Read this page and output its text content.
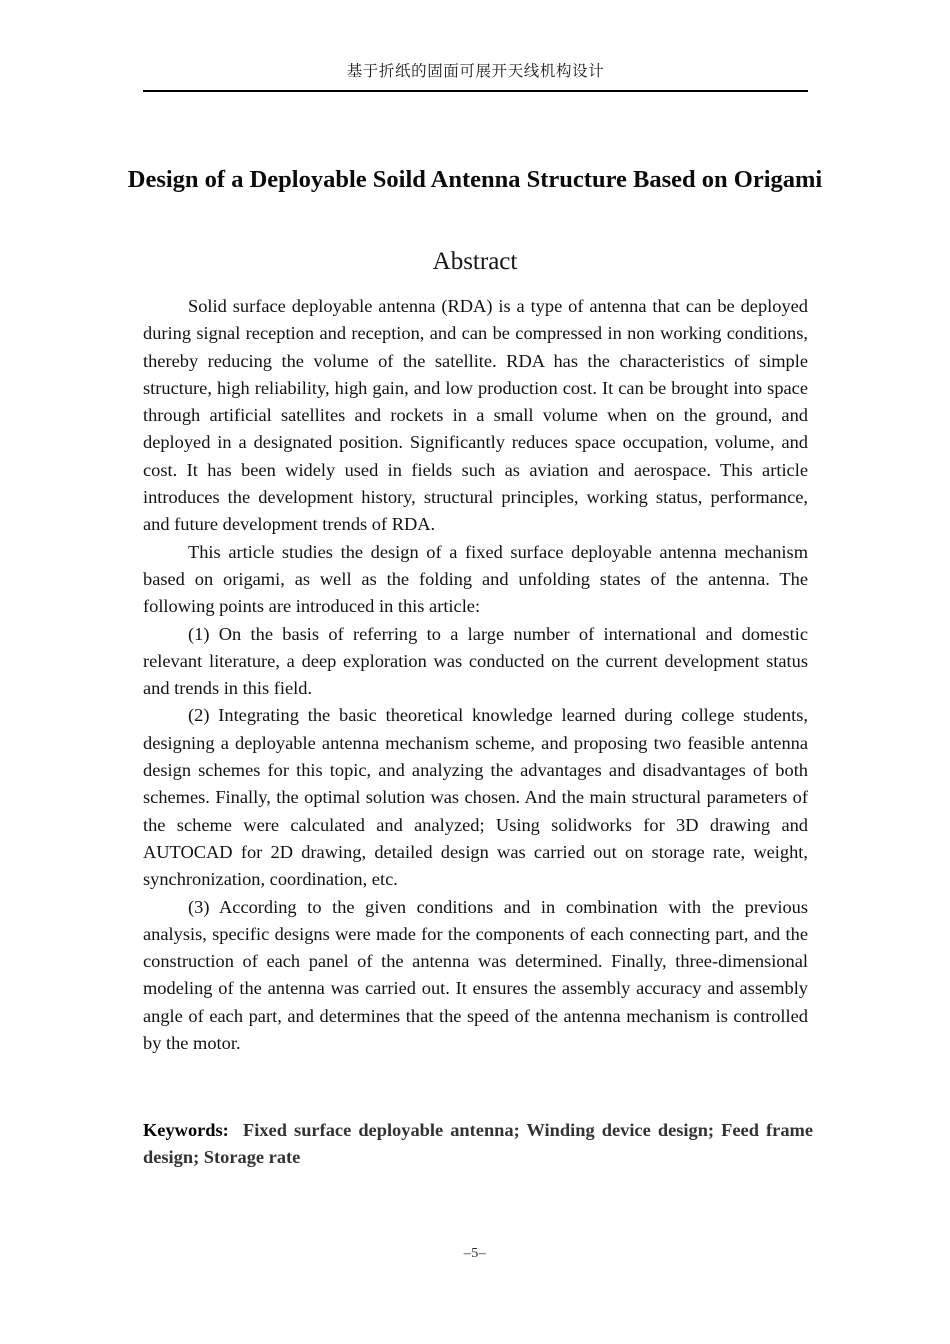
基于折纸的固面可展开天线机构设计
Design of a Deployable Soild Antenna Structure Based on Origami
Abstract

Solid surface deployable antenna (RDA) is a type of antenna that can be deployed during signal reception and reception, and can be compressed in non working conditions, thereby reducing the volume of the satellite. RDA has the characteristics of simple structure, high reliability, high gain, and low production cost. It can be brought into space through artificial satellites and rockets in a small volume when on the ground, and deployed in a designated position. Significantly reduces space occupation, volume, and cost. It has been widely used in fields such as aviation and aerospace. This article introduces the development history, structural principles, working status, performance, and future development trends of RDA.

This article studies the design of a fixed surface deployable antenna mechanism based on origami, as well as the folding and unfolding states of the antenna. The following points are introduced in this article:

(1) On the basis of referring to a large number of international and domestic relevant literature, a deep exploration was conducted on the current development status and trends in this field.

(2) Integrating the basic theoretical knowledge learned during college students, designing a deployable antenna mechanism scheme, and proposing two feasible antenna design schemes for this topic, and analyzing the advantages and disadvantages of both schemes. Finally, the optimal solution was chosen. And the main structural parameters of the scheme were calculated and analyzed; Using solidworks for 3D drawing and AUTOCAD for 2D drawing, detailed design was carried out on storage rate, weight, synchronization, coordination, etc.

(3) According to the given conditions and in combination with the previous analysis, specific designs were made for the components of each connecting part, and the construction of each panel of the antenna was determined. Finally, three-dimensional modeling of the antenna was carried out. It ensures the assembly accuracy and assembly angle of each part, and determines that the speed of the antenna mechanism is controlled by the motor.

Keywords: Fixed surface deployable antenna; Winding device design; Feed frame design; Storage rate
–5–
